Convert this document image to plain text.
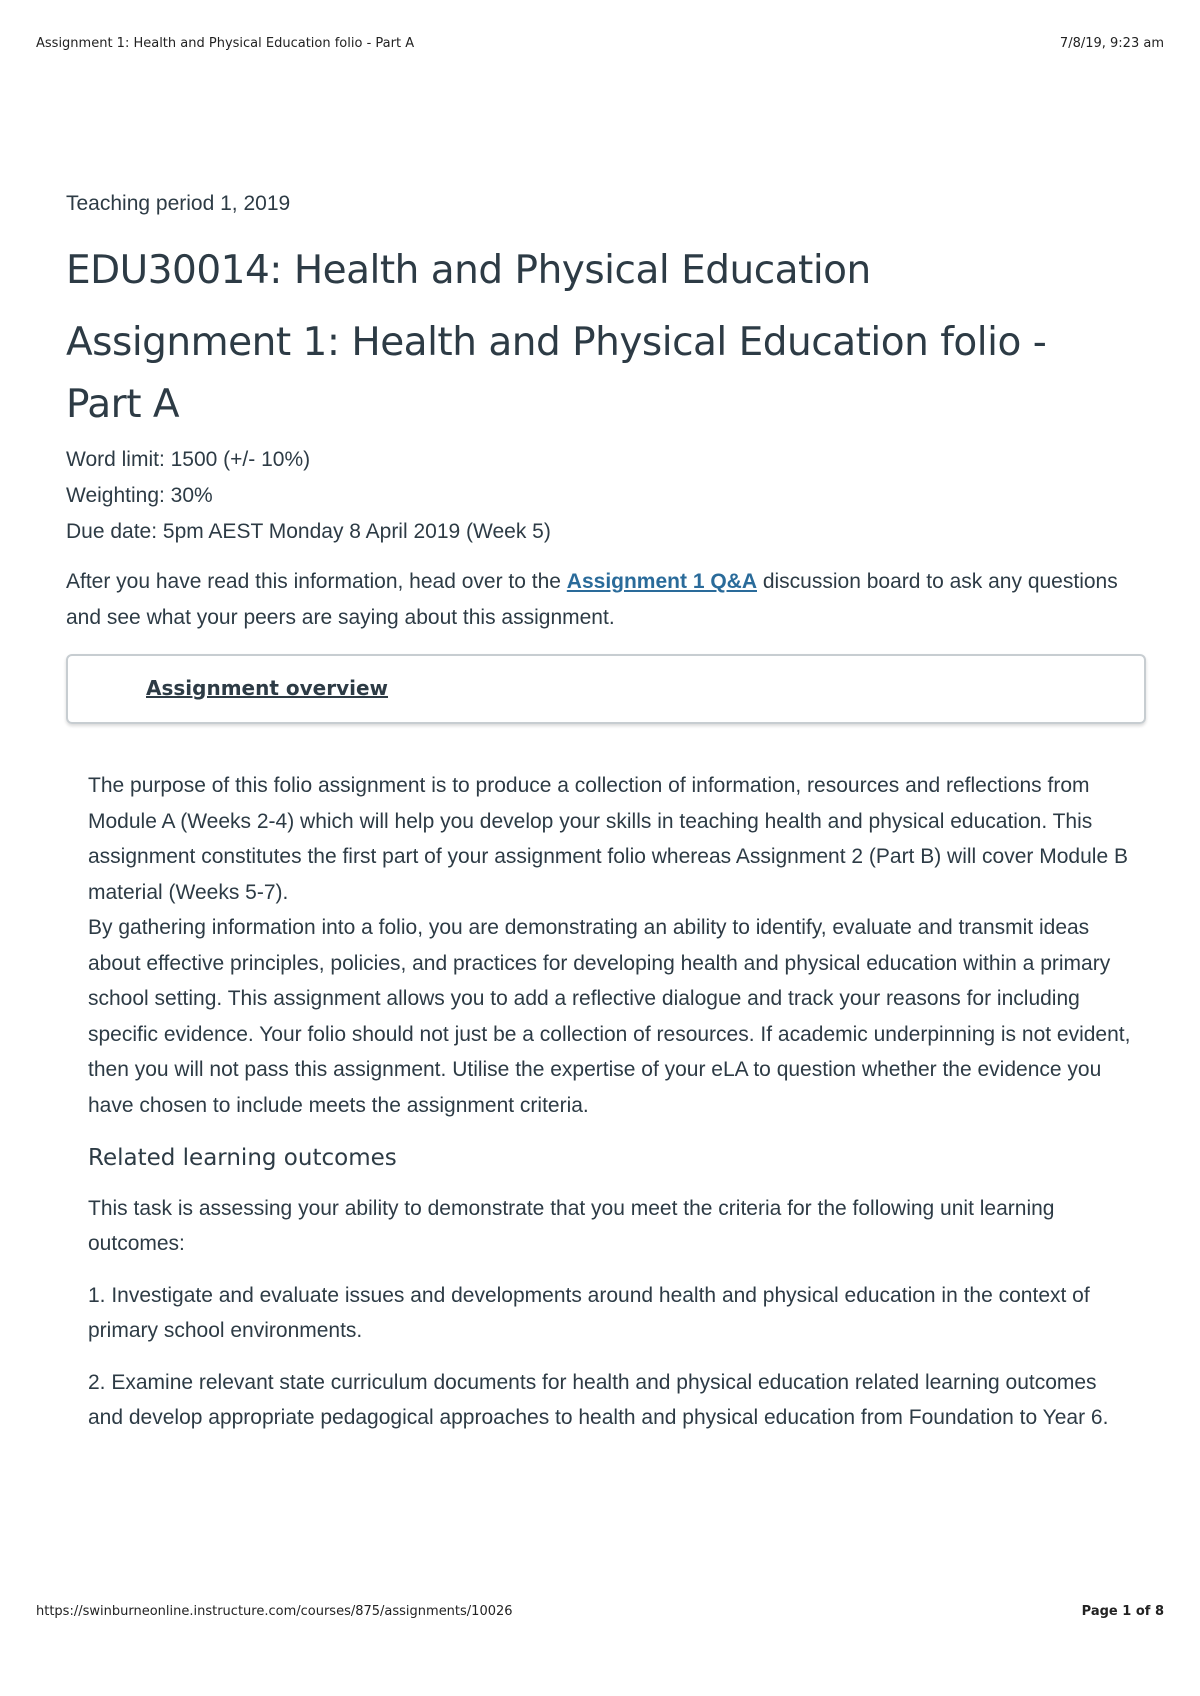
Assignment 1: Health and Physical Education folio - Part A	7/8/19, 9:23 am

Teaching period 1, 2019

EDU30014: Health and Physical Education
Assignment 1: Health and Physical Education folio - Part A

Word limit: 1500 (+/- 10%)

Weighting: 30%

Due date: 5pm AEST Monday 8 April 2019 (Week 5)

After you have read this information, head over to the Assignment 1 Q&A discussion board to ask any questions and see what your peers are saying about this assignment.

Assignment overview

The purpose of this folio assignment is to produce a collection of information, resources and reflections from Module A (Weeks 2-4) which will help you develop your skills in teaching health and physical education. This assignment constitutes the first part of your assignment folio whereas Assignment 2 (Part B) will cover Module B material (Weeks 5-7).

By gathering information into a folio, you are demonstrating an ability to identify, evaluate and transmit ideas about effective principles, policies, and practices for developing health and physical education within a primary school setting. This assignment allows you to add a reflective dialogue and track your reasons for including specific evidence. Your folio should not just be a collection of resources. If academic underpinning is not evident, then you will not pass this assignment. Utilise the expertise of your eLA to question whether the evidence you have chosen to include meets the assignment criteria.

Related learning outcomes

This task is assessing your ability to demonstrate that you meet the criteria for the following unit learning outcomes:

1. Investigate and evaluate issues and developments around health and physical education in the context of primary school environments.

2. Examine relevant state curriculum documents for health and physical education related learning outcomes and develop appropriate pedagogical approaches to health and physical education from Foundation to Year 6.

https://swinburneonline.instructure.com/courses/875/assignments/10026	Page 1 of 8
